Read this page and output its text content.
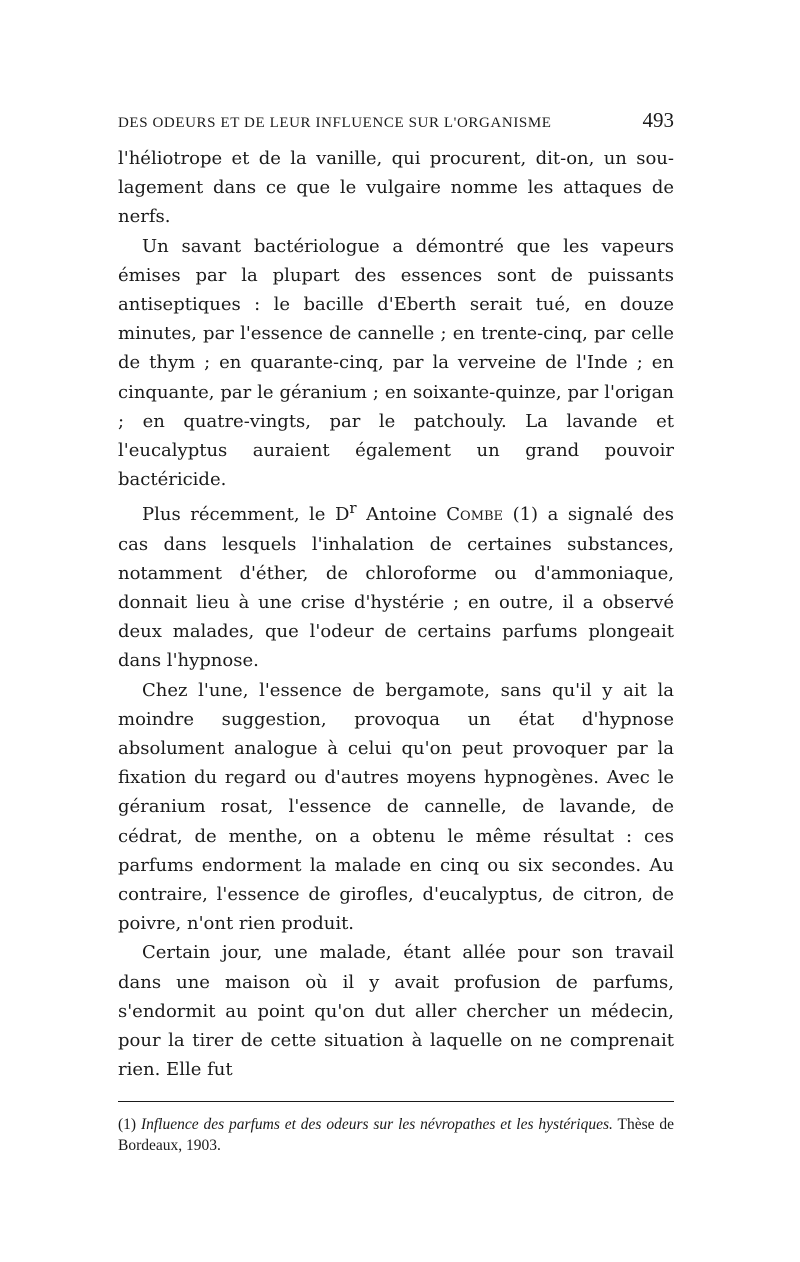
DES ODEURS ET DE LEUR INFLUENCE SUR L'ORGANISME	493

l'héliotrope et de la vanille, qui procurent, dit-on, un soulagement dans ce que le vulgaire nomme les attaques de nerfs.

Un savant bactériologue a démontré que les vapeurs émises par la plupart des essences sont de puissants antiseptiques : le bacille d'Eberth serait tué, en douze minutes, par l'essence de cannelle ; en trente-cinq, par celle de thym ; en quarante-cinq, par la verveine de l'Inde ; en cinquante, par le géranium ; en soixante-quinze, par l'origan ; en quatre-vingts, par le patchouly. La lavande et l'eucalyptus auraient également un grand pouvoir bactéricide.

Plus récemment, le $D^r$ Antoine Combe (1) a signalé des cas dans lesquels l'inhalation de certaines substances, notamment d'éther, de chloroforme ou d'ammoniaque, donnait lieu à une crise d'hystérie ; en outre, il a observé deux malades, que l'odeur de certains parfums plongeait dans l'hypnose.

Chez l'une, l'essence de bergamote, sans qu'il y ait la moindre suggestion, provoqua un état d'hypnose absolument analogue à celui qu'on peut provoquer par la fixation du regard ou d'autres moyens hypnogènes. Avec le géranium rosat, l'essence de cannelle, de lavande, de cédrat, de menthe, on a obtenu le même résultat : ces parfums endorment la malade en cinq ou six secondes. Au contraire, l'essence de girofles, d'eucalyptus, de citron, de poivre, n'ont rien produit.

Certain jour, une malade, étant allée pour son travail dans une maison où il y avait profusion de parfums, s'endormit au point qu'on dut aller chercher un médecin, pour la tirer de cette situation à laquelle on ne comprenait rien. Elle fut

(1) Influence des parfums et des odeurs sur les névropathes et les hystériques. Thèse de Bordeaux, 1903.
